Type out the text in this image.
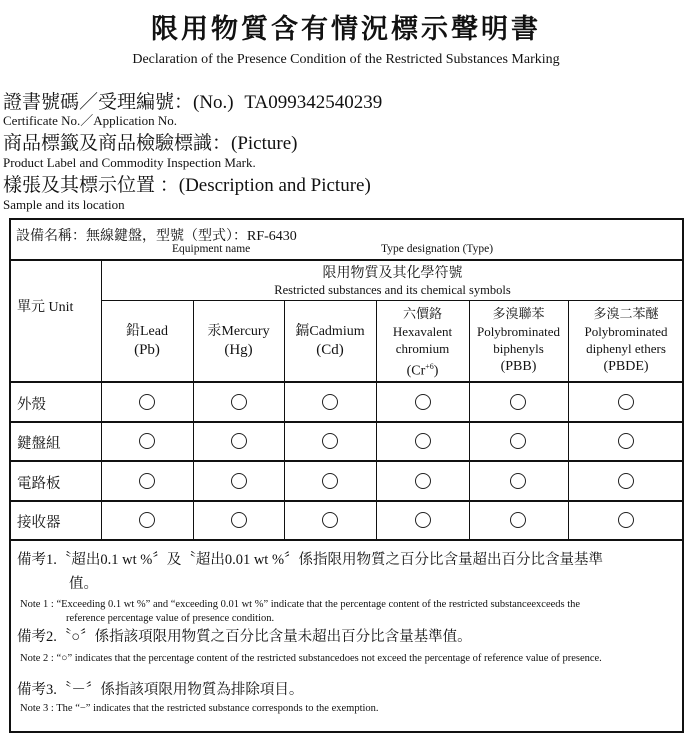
限用物質含有情況標示聲明書
Declaration of the Presence Condition of the Restricted Substances Marking
證書號碼／受理編號：(No.) TA099342540239
Certificate No.／Application No.
商品標籤及商品檢驗標識：(Picture)
Product Label and Commodity Inspection Mark.
樣張及其標示位置 ：(Description and Picture)
Sample and its location
設備名稱：無線鍵盤，型號（型式）：RF-6430
Equipment name	Type designation (Type)
單元 Unit
限用物質及其化學符號
Restricted substances and its chemical symbols
鉛Lead
(Pb)
汞Mercury
(Hg)
鎘Cadmium
(Cd)
六價鉻
Hexavalent
chromium
$(Cr^{+6})$
多溴聯苯
Polybrominated
biphenyls
(PBB)
多溴二苯醚
Polybrominated
diphenyl ethers
(PBDE)
外殼
鍵盤組
電路板
接收器
備考1.〝超出0.1 wt %〞及〝超出0.01 wt %〞係指限用物質之百分比含量超出百分比含量基準
值。
Note 1 : “Exceeding 0.1 wt %” and “exceeding 0.01 wt %” indicate that the percentage content of the restricted substanceexceeds the
reference percentage value of presence condition.
備考2.〝○〞係指該項限用物質之百分比含量未超出百分比含量基準值。
Note 2 : “○” indicates that the percentage content of the restricted substancedoes not exceed the percentage of reference value of presence.
備考3.〝－〞係指該項限用物質為排除項目。
Note 3 : The “−” indicates that the restricted substance corresponds to the exemption.
